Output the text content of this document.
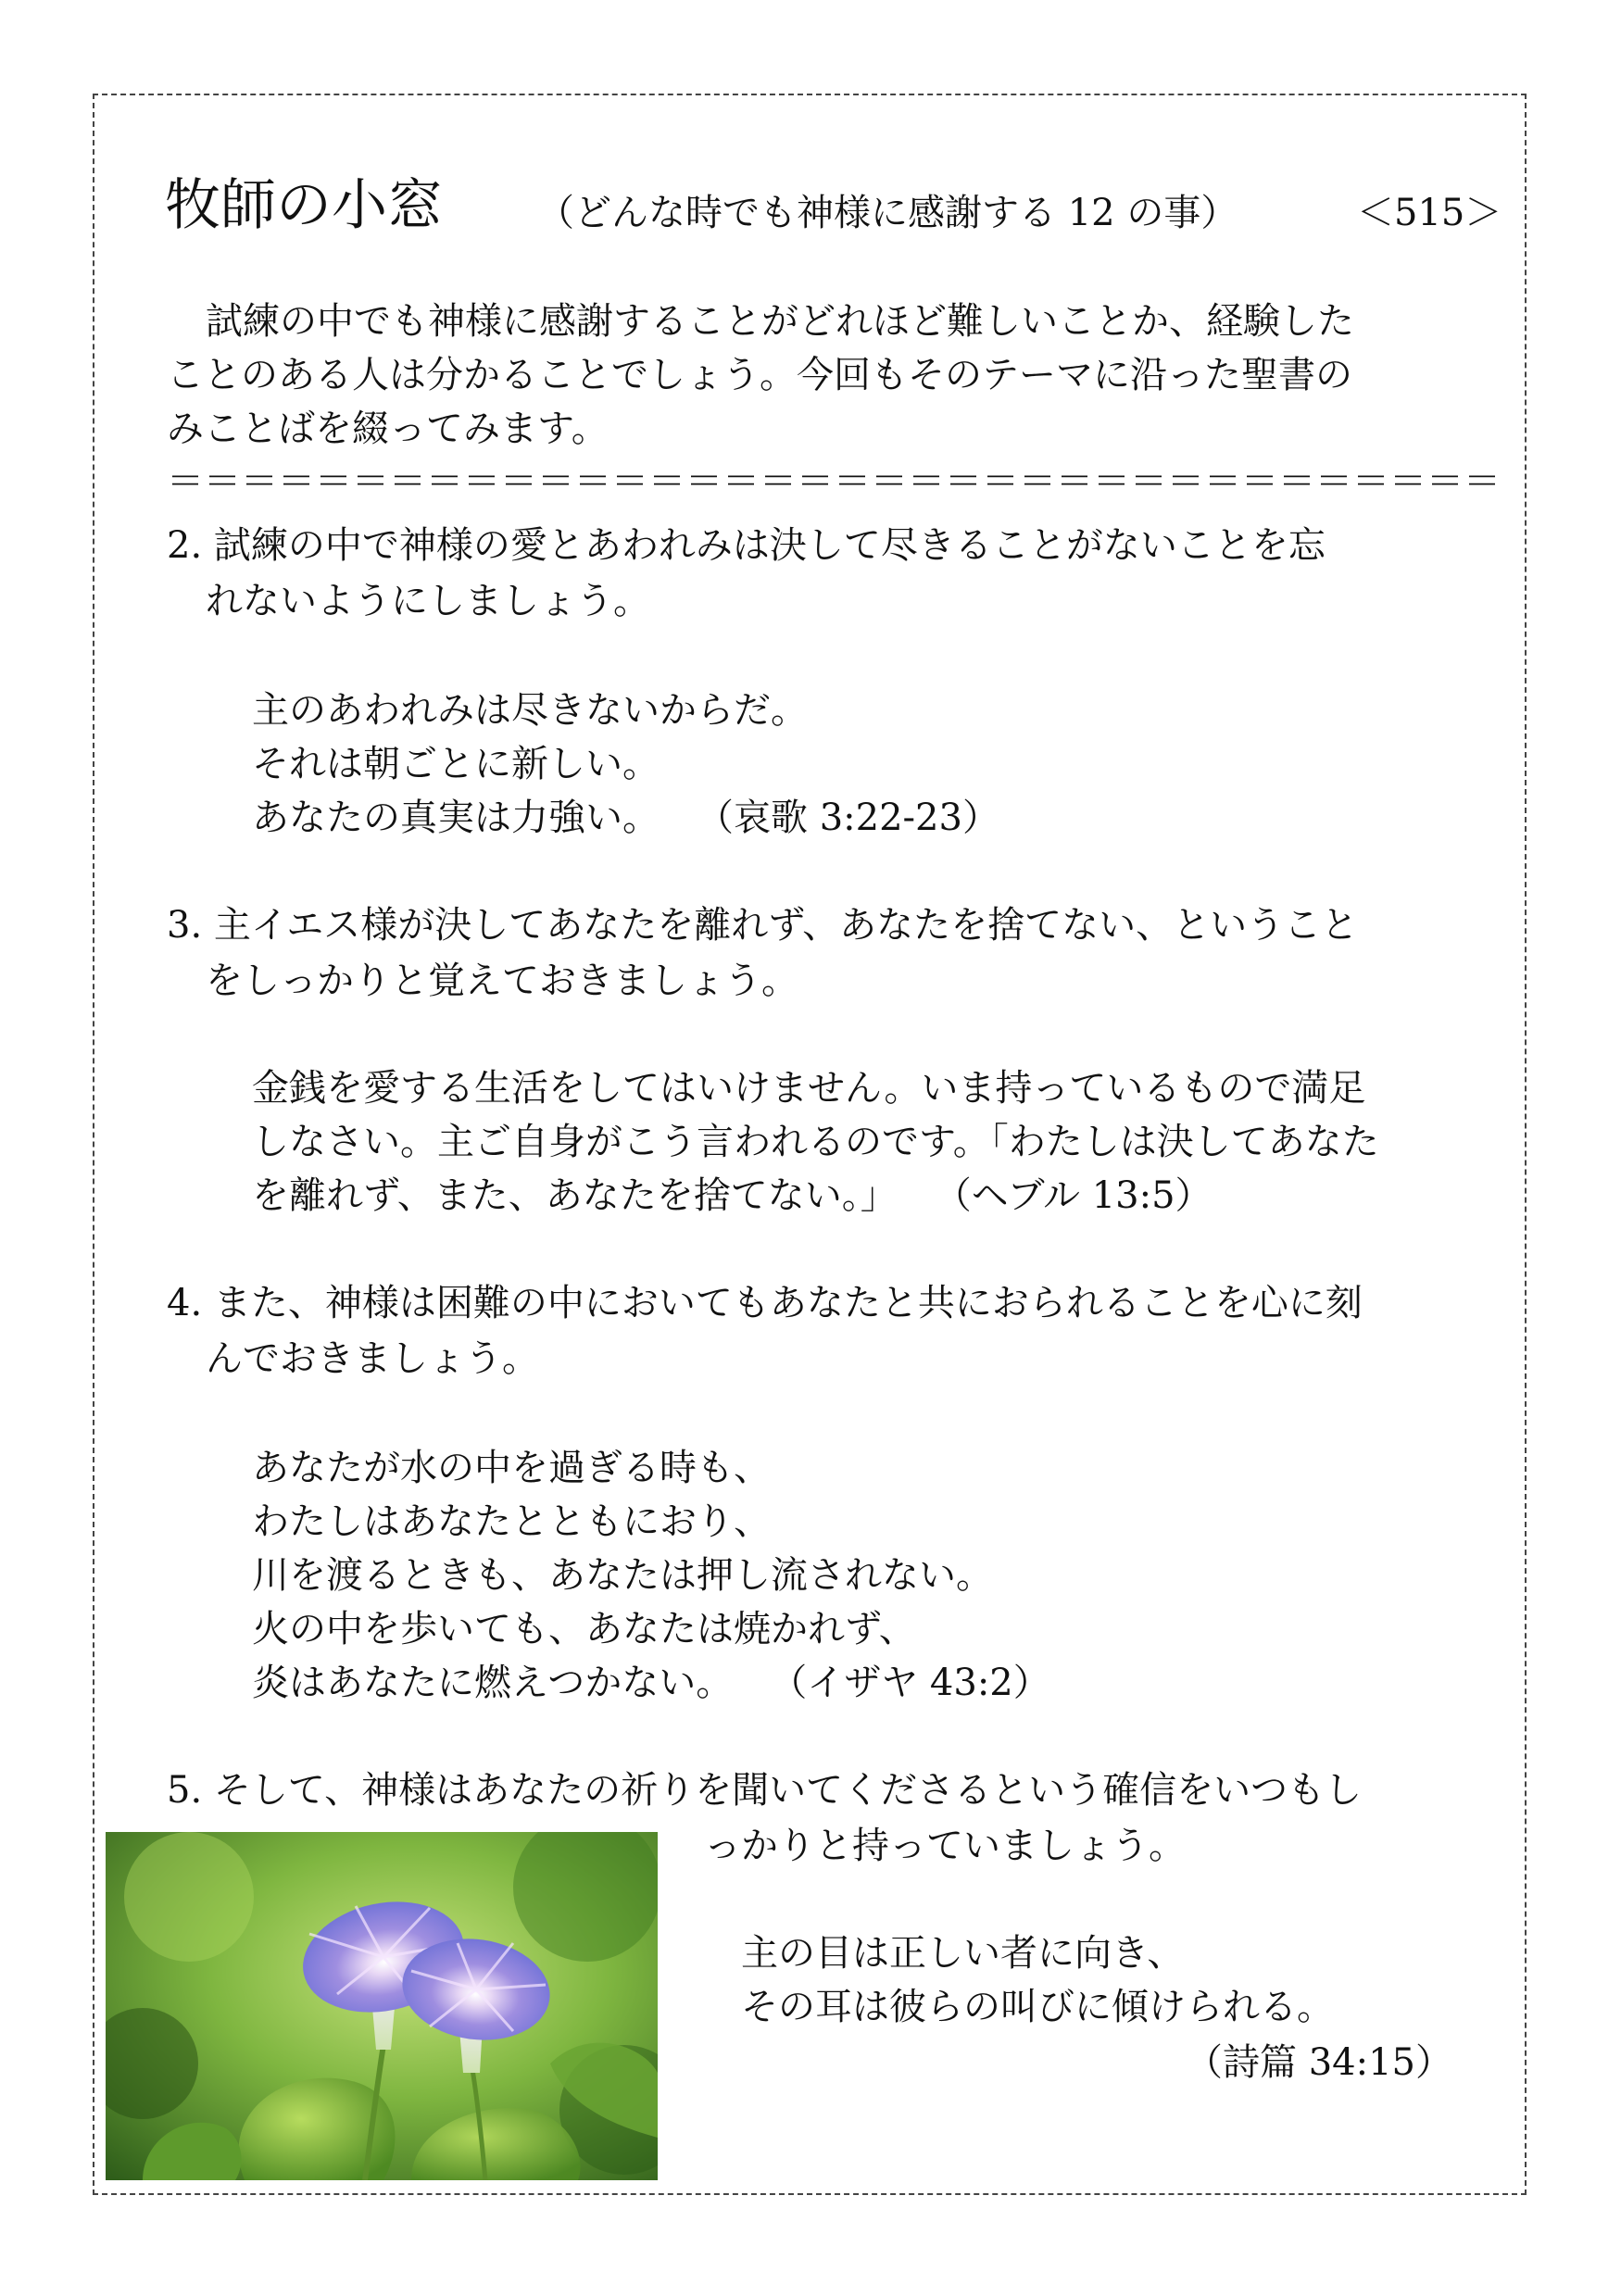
牧師の小窓	（どんな時でも神様に感謝する 12 の事）	＜515＞
試練の中でも神様に感謝することがどれほど難しいことか、経験した
ことのある人は分かることでしょう。今回もそのテーマに沿った聖書の
みことばを綴ってみます。
＝＝＝＝＝＝＝＝＝＝＝＝＝＝＝＝＝＝＝＝＝＝＝＝＝＝＝＝＝＝＝＝＝＝＝＝
2. 試練の中で神様の愛とあわれみは決して尽きることがないことを忘
れないようにしましょう。
主のあわれみは尽きないからだ。
それは朝ごとに新しい。
あなたの真実は力強い。　　（哀歌 3:22-23）
3. 主イエス様が決してあなたを離れず、あなたを捨てない、ということ
をしっかりと覚えておきましょう。
金銭を愛する生活をしてはいけません。いま持っているもので満足
しなさい。主ご自身がこう言われるのです。「わたしは決してあなた
を離れず、また、あなたを捨てない。」　　（ヘブル 13:5）
4. また、神様は困難の中においてもあなたと共におられることを心に刻
んでおきましょう。
あなたが水の中を過ぎる時も、
わたしはあなたとともにおり、
川を渡るときも、あなたは押し流されない。
火の中を歩いても、あなたは焼かれず、
炎はあなたに燃えつかない。　　（イザヤ 43:2）
5. そして、神様はあなたの祈りを聞いてくださるという確信をいつもし
っかりと持っていましょう。
主の目は正しい者に向き、
その耳は彼らの叫びに傾けられる。
（詩篇 34:15）
